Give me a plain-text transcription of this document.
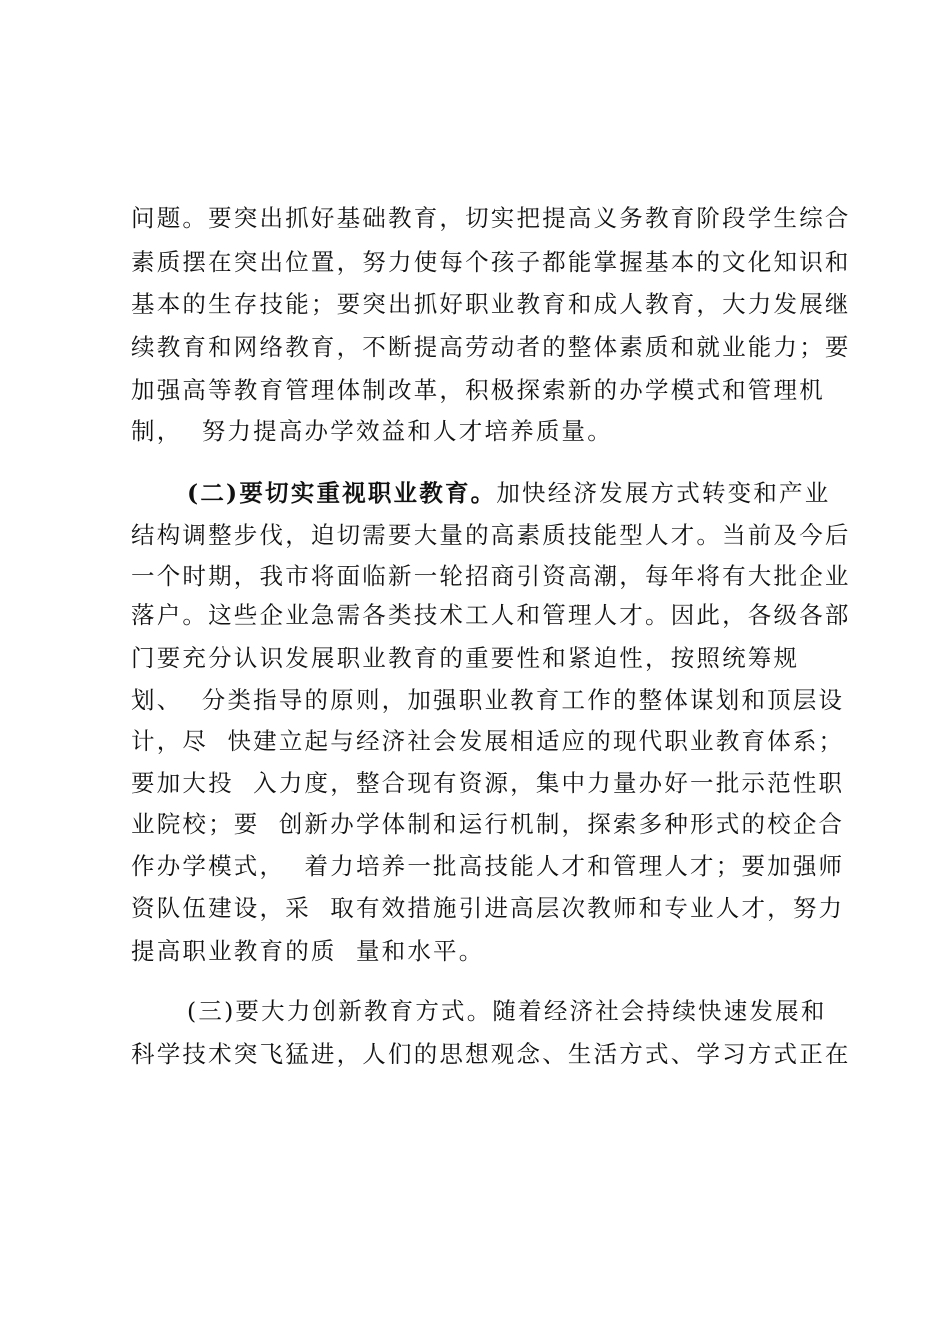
问题。要突出抓好基础教育，切实把提高义务教育阶段学生综合
素质摆在突出位置，努力使每个孩子都能掌握基本的文化知识和
基本的生存技能；要突出抓好职业教育和成人教育，大力发展继
续教育和网络教育，不断提高劳动者的整体素质和就业能力；要
加强高等教育管理体制改革，积极探索新的办学模式和管理机
制，  努力提高办学效益和人才培养质量。
(二)要切实重视职业教育。加快经济发展方式转变和产业
结构调整步伐，迫切需要大量的高素质技能型人才。当前及今后
一个时期，我市将面临新一轮招商引资高潮，每年将有大批企业
落户。这些企业急需各类技术工人和管理人才。因此，各级各部
门要充分认识发展职业教育的重要性和紧迫性，按照统筹规
划、  分类指导的原则，加强职业教育工作的整体谋划和顶层设
计，尽  快建立起与经济社会发展相适应的现代职业教育体系；
要加大投  入力度，整合现有资源，集中力量办好一批示范性职
业院校；要  创新办学体制和运行机制，探索多种形式的校企合
作办学模式，  着力培养一批高技能人才和管理人才；要加强师
资队伍建设，采  取有效措施引进高层次教师和专业人才，努力
提高职业教育的质  量和水平。
(三)要大力创新教育方式。随着经济社会持续快速发展和
科学技术突飞猛进，人们的思想观念、生活方式、学习方式正在
